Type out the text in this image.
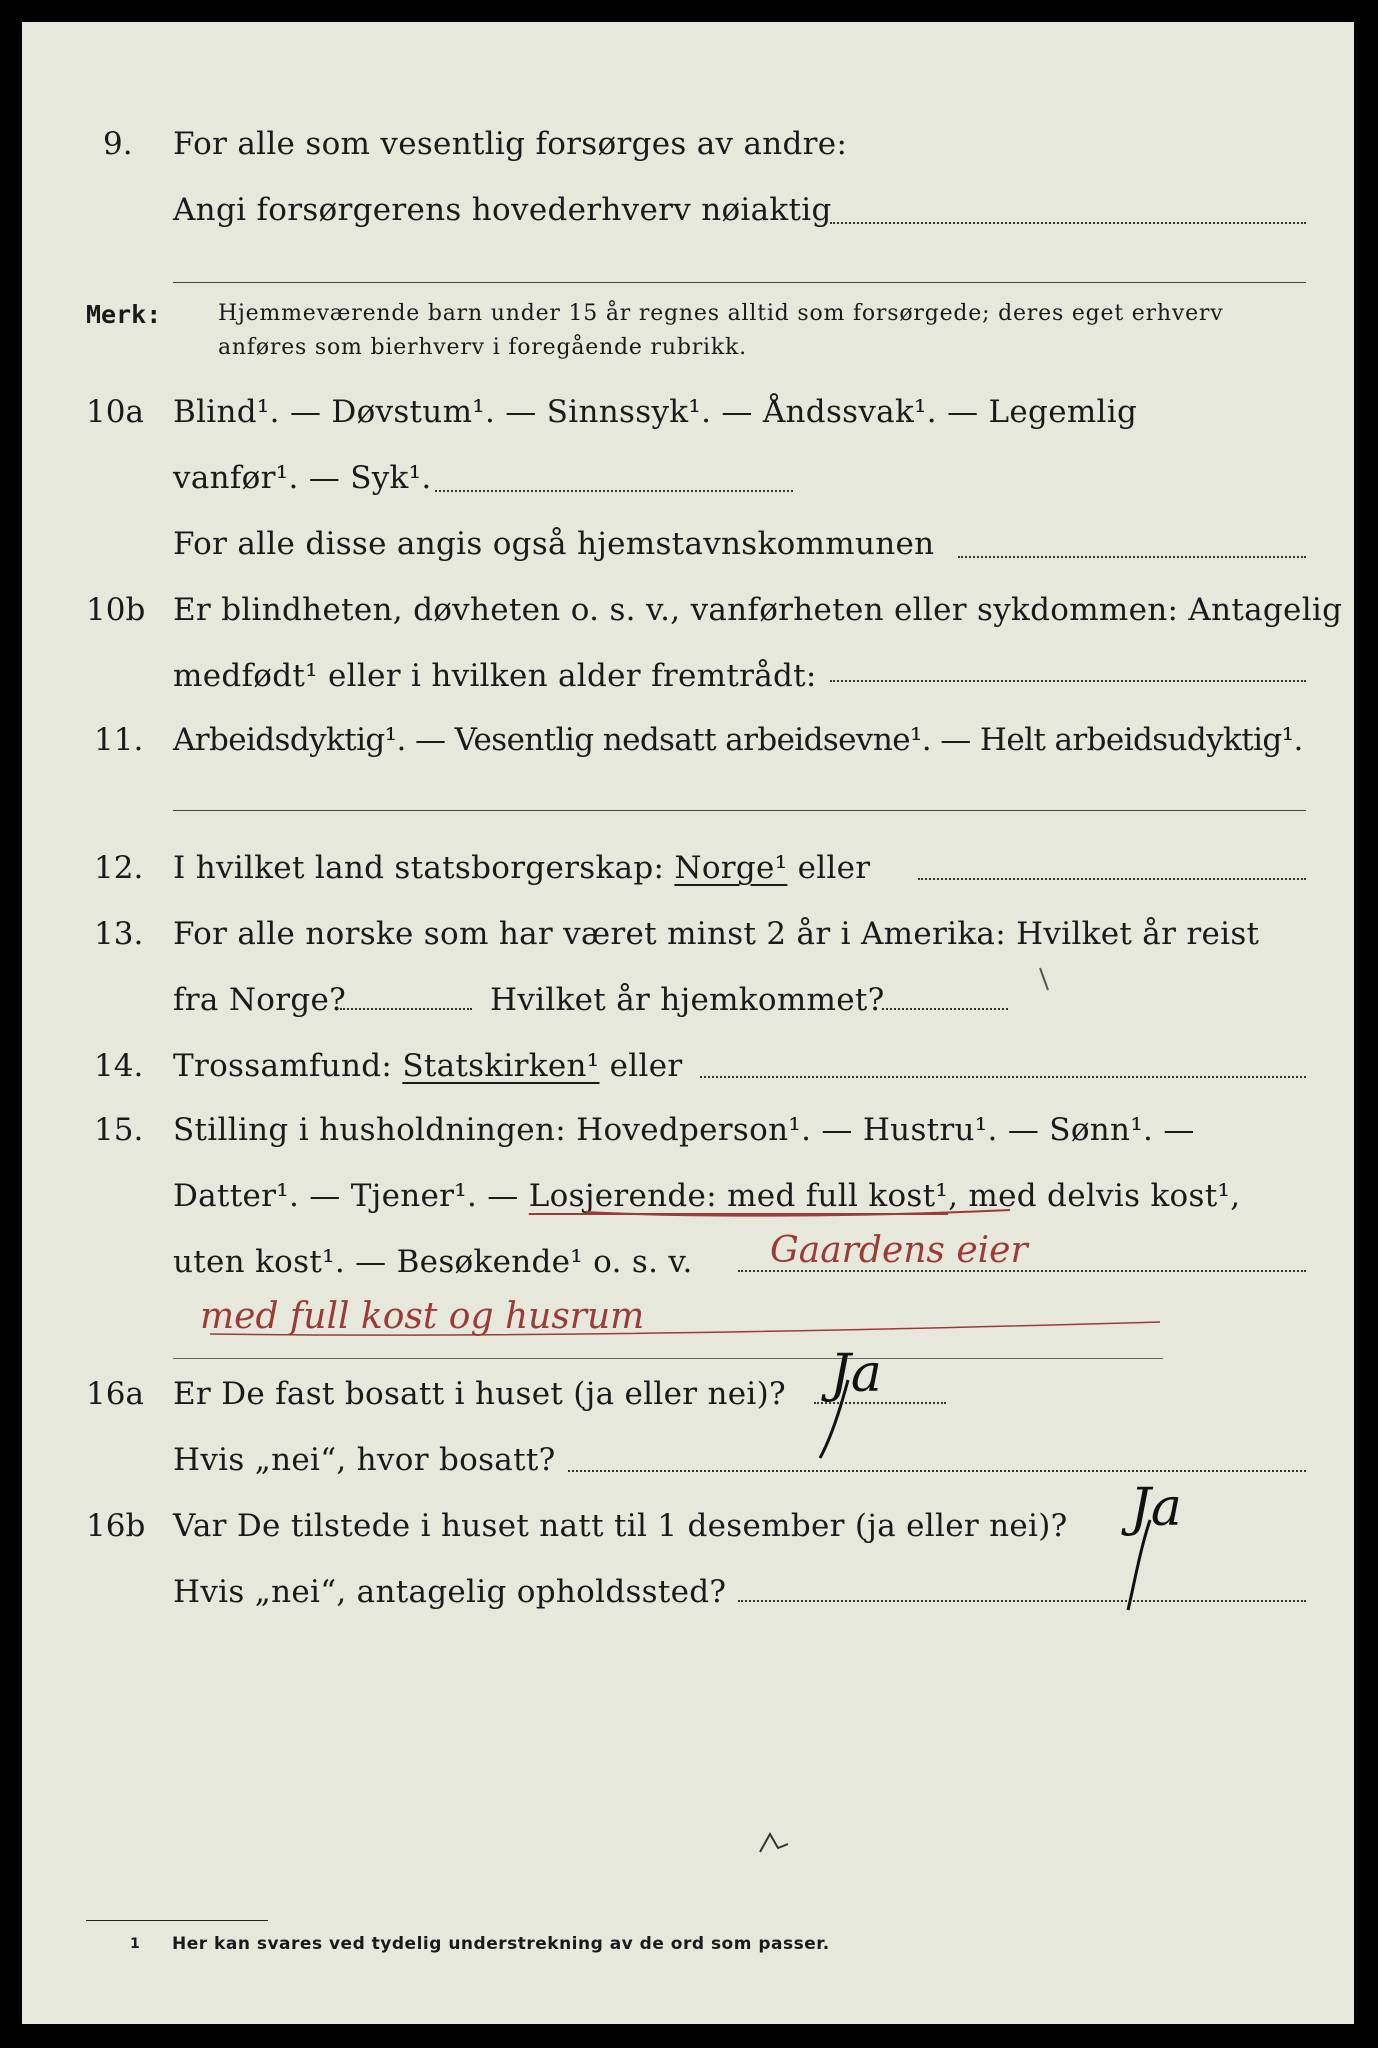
9. For alle som vesentlig forsørges av andre:
Angi forsørgerens hovederhverv nøiaktig
Merk:	Hjemmeværende barn under 15 år regnes alltid som forsørgede; deres eget erhverv
anføres som bierhverv i foregående rubrikk.
10a Blind¹. — Døvstum¹. — Sinnssyk¹. — Åndssvak¹. — Legemlig
vanfør¹. — Syk¹.
For alle disse angis også hjemstavnskommunen
10b Er blindheten, døvheten o. s. v., vanførheten eller sykdommen: Antagelig
medfødt¹ eller i hvilken alder fremtrådt:
11. Arbeidsdyktig¹. — Vesentlig nedsatt arbeidsevne¹. — Helt arbeidsudyktig¹.
12. I hvilket land statsborgerskap: Norge¹ eller
13. For alle norske som har været minst 2 år i Amerika: Hvilket år reist
fra Norge?	Hvilket år hjemkommet?
14. Trossamfund: Statskirken¹ eller
15. Stilling i husholdningen: Hovedperson¹. — Hustru¹. — Sønn¹. —
Datter¹. — Tjener¹. — Losjerende: med full kost¹, med delvis kost¹,
uten kost¹. — Besøkende¹ o. s. v. Gaardens eier
med full kost og husrum
16a Er De fast bosatt i huset (ja eller nei)? Ja
Hvis „nei“, hvor bosatt?
16b Var De tilstede i huset natt til 1 desember (ja eller nei)? Ja
Hvis „nei“, antagelig opholdssted?
1 Her kan svares ved tydelig understrekning av de ord som passer.
